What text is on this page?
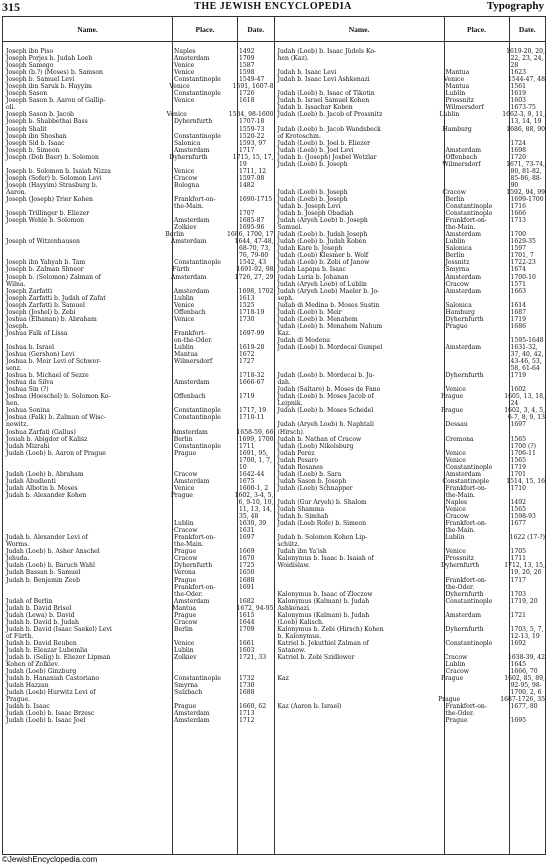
315	THE JEWISH ENCYCLOPEDIA	Typography
Name.	Place.	Date.
Joseph ibn Piso	Naples	1492
Joseph Porjes b. Judah Loeb	Amsterdam	1709
Joseph Samego	Venice	1587
Joseph (b.?) (Moses) b. Samson	Venice	1598
Joseph b. Samuel Levi	Constantinople	1549-47
Joseph ibn Saruk b. Hayyim	Venice	1591, 1607-8
Joseph Sason	Constantinople	1726
Joseph Sason b. Aaron of Gallip-	Venice	1618
oli.
Joseph Sason b. Jacob	Venice	1584, 98-1600
Joseph b. Shabbethai Bass	Dyhernfurth	1707-18
Joseph Shalit	1559-73
Joseph ibn Shoshan	Constantinople	1520-22
Joseph Sid b. Isaac	Salonica	1593, 97
Joseph b. Simeon	Amsterdam	1717
Joseph (Dob Baer) b. Solomon	Dyhernfurth	1715, 15, 17,
19
Joseph b. Solomon b. Isaiah Nizza	Venice	1711, 12
Joseph (Sofer) b. Solomon Levi	Cracow	1597-98
Joseph (Hayyim) Strasburg b.	Bologna	1482
Aaron.
Joseph (Joseph) Trier Kohen	Frankfort-on-	1690-1715
the-Main.
Joseph Trillinger b. Eliezer	1707
Joseph Wehle b. Solomon	Amsterdam	1685-87
Zolkiev	1695-96
Berlin	1686, 1700, 17
Joseph of Witzenhausen	Amsterdam	1644, 47-48,
68-70, 73,
76, 79-80
Joseph ibn Yahyah b. Tam	Constantinople	1542, 43
Joseph b. Zalman Shneor	Fürth	1691-92, 98
Joseph b. (Solomon) Zalman of	Amsterdam	1726, 27, 29
Wilna.
Joseph Zarfatti	Amsterdam	1698, 1702
Joseph Zarfatti b. Judah of Zafat	Lublin	1613
Joseph Zarfatti b. Samuel	Venice	1525
Joseph (Joshel) b. Zebi	Offenbach	1718-19
Joshua (Elhanan) b. Abraham	Venice	1730
Joseph.
Joshua Falk of Lissa	Frankfort-	1697-99
on-the-Oder.
Joshua b. Israel	Lublin	1619-28
Joshua (Gershon) Levi	Mantua	1672
Joshua b. Meir Levi of Schwer-	Wilmersdorf	1727
senz.
Joshua b. Michael of Sezze	1718-32
Joshua da Silva	Amsterdam	1666-67
Joshua Sin (?)
Joshua (Hoeschel) b. Solomon Ko-	Offenbach	1719
hen.
Joshua Sonina	Constantinople	1717, 19
Joshua (Falk) b. Zalman of Wisc-	Constantinople	1710-11
nowitz.
Joshua Zarfati (Gallus)	Amsterdam	1658-59, 66
Josiah b. Abigdor of Kalisz	Berlin	1699, 1700
Judah Mizrahi	Constantinople	1711
Judah (Loeb) b. Aaron of Prague	Prague	1691, 95,
1700, 1, 7,
10
Judah (Loeb) b. Abraham	Cracow	1642-44
Judah Abudienti	Amsterdam	1675
Judah Albotin b. Moses	Venice	1600-1, 2
Judah b. Alexander Kohen	Prague	1602, 3-4, 5,
6, 9-10, 10,
11, 13, 14,
35, 48
Lublin	1630, 39
Cracow	1631
Judah b. Alexander Levi of	Frankfort-on-	1697
Worms.	the-Main.
Judah (Loeb) b. Asher Anschel	Prague	1669
Jehuda.	Cracow	1670
Judah (Loeb) b. Baruch Wahl	Dyhernfurth	1725
Judah Bassan b. Samuel	Verona	1650
Judah b. Benjamin Zeeb	Prague	1688
Frankfort-on-	1691
the-Oder.
Judah of Berlin	Amsterdam	1682
Judah b. David Brisol	Mantua	1672, 94-95
Judah (Lewa) b. David	Prague	1615
Judah b. David b. Judah	Cracow	1644
Judah b. David (Isaac Saekel) Levi	Berlin	1709
of Fürth.
Judah b. David Reuben	Venice	1661
Judah b. Eleazar Lubemlia	Lublin	1603
Judah b. (Selig) b. Eliezer Lipman	Zolkiev	1721, 33
Kohen of Zolkiev.
Judah (Loeb) Ginzburg
Judah b. Hananiah Castoriano	Constantinople	1732
Judah Hazzan	Smyrna	1730
Judah (Loeb) Hurwitz Levi of	Sulzbach	1688
Prague.
Judah b. Isaac	Prague	1660, 62
Judah (Loeb) b. Isaac Brzesc	Amsterdam	1713
Judah (Loeb) b. Isaac Joel	Amsterdam	1712
Name.	Place.	Date.
Judah (Loeb) b. Isaac Jüdels Ko-	1619-20, 20,
hen (Kaz).	22, 23, 24,
28
Judah b. Isaac Levi	Mantua	1623
Judah b. Isaac Levi Ashkenazi	Venice	1544-47, 48
Mantua	1561
Judah (Loeb) b. Isaac of Tikotin	Lublin	1619
Judah b. Israel Samuel Kohen	Prossnitz	1603
Judah b. Issachar Koben	Wilmersdorf	1673-75
Judah (Loeb) b. Jacob of Prossnitz	Lublin	1662-3, 9, 11,
13, 14, 19
Judah (Loeb) b. Jacob Wandsbeck	Hamburg	1686, 88, 90
of Krotoschin.
Judah (Loeb) b. Joel b. Eliezer	1724
Judah (Loeb) b. Joel Levi	Amsterdam	1698
Judah b. (Joseph) Josbel Wetzlar	Offenbach	1720
Judah (Loeb) b. Joseph	Wilmersdorf	1671, 73-74,
80, 81-82,
85-86, 88-
90
Judah (Loeb) b. Joseph	Cracow	1592, 94, 99
Judah (Loeb) b. Joseph	Berlin	1699-1700
Judah b. Joseph Levi	Constantinople	1716
Judah b. Joseph Obadiah	Constantinople	1666
Judah (Aryeh Loeb) b. Joseph	Frankfort-on-	1713
Samuel.	the-Main.
Judah (Loeb) b. Judah Joseph	Amsterdam	1700
Judah (Loeb) b. Judah Koben	Lublin	1629-35
Judah Kare b. Joseph	Salonica	1597
Judah (Loeb) Klesmer b. Wolf	Berlin	1701, 7
Judah (Loeb) b. Zebi of Janow	Jessnitz	1722-23
Judah Lapapa b. Isaac	Smyrna	1674
Judah Luria b. Johanan	Amsterdam	1700-10
Judah (Aryeh Loeb) of Lublin	Cracow	1571
Judah (Aryeh Loeb) Maeler b. Jo-	Amsterdam	1663
seph.
Judah di Medina b. Moses Sustin	Salonica	1614
Judah (Loeb) b. Meir	Hamburg	1687
Judah (Loeb) b. Menahem	Dyhernfurth	1719
Judah (Loeb) b. Menahem Nahum	Prague	1686
Kaz.
Judah di Modena	1595-1648
Judah (Loeb) b. Mordecai Gumpel	Amsterdam	1631-32,
37, 40, 42,
43-46, 53,
58, 61-64
Judah (Loeb) b. Mordecai b. Ju-	Dyhernfurth	1719
dah.
Judah (Saltaro) b. Moses de Fano	Venice	1602
Judah (Loeb) b. Moses Jacob of	Prague	1605, 13, 18,
Leipnik.	24
Judah (Loeb) b. Moses Schedel	Prague	1602, 3, 4, 5,
6-7, 8, 9, 13
Judah (Aryeh Loeb) b. Naphtali	Dessau	1697
(Hirsch).
Judah b. Nathan of Cracow	Cremona	1565
Judah (Loeb) Nikolsburg	1700 (?)
Judah Perez	Venice	1706-11
Judah Pesaro	Venice	1565
Judah Rosanes	Constantinople	1719
Judah (Loeb) b. Sara	Amsterdam	1701
Judah Sason b. Joseph	Constantinople	1514, 15, 16
Judah (Loeb) Schnapper	Frankfort-on-	1710
the-Main.
Judah (Gur Aryeh) b. Shalom	Naples	1492
Judah Shamma	Venice	1565
Judah b. Simhah	Cracow	1598-93
Judah (Loeb Rofe) b. Simeon	Frankfort-on-	1677
the-Main.
Judah b. Solomon Kohen Lip-	Lublin	1622 (17-?)
schütz.
Judah ibn Ya'ish	Venice	1705
Kalonymus b. Isaac b. Isaiah of	Prossnitz	1711
Woidislaw.	Dyhernfurth	1712, 13, 15,
19, 20, 26
Frankfort-on-	1717
the-Oder.
Kalonymus b. Isaac of Zloczow	Dyhernfurth	1703
Kalonymus (Kalman) b. Judah	Constantinople	1719, 20
Ashkenazi.
Kalonymus (Kalman) b. Judah	Amsterdam	1721
(Loeb) Kalisch.
Kalonymus b. Zebi (Hirsch) Kohen	Dyhernfurth	1703, 5, 7,
b. Kalonymus.	12-13, 19
Katriel b. Jekuthiel Zalman of	Constantinople	1692
Satanow.
Katriel b. Zebi Szidlower	Cracow	1638-39, 42
Lublin	1645
Cracow	1666, 70
Kaz	Prague	1602, 85, 89,
92-95, 98-
1700, 2, 6
Prague	1687-1726, 35
Kaz (Aaron b. Israel)	Frankfort-on-	1677, 80
the-Oder.
Prague	1695
©JewishEncyclopedia.com
